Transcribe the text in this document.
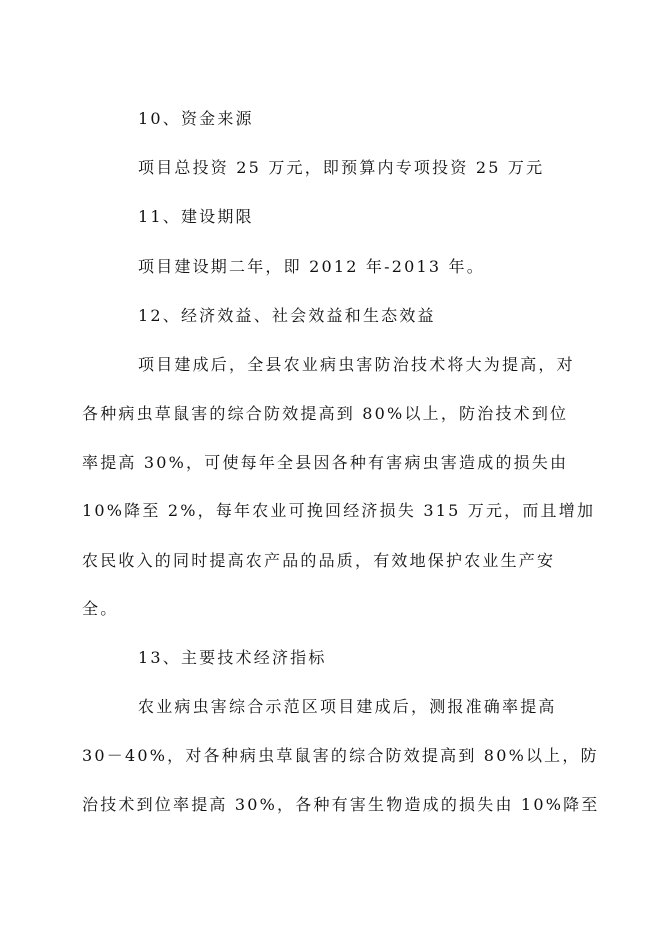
10、资金来源
项目总投资 25 万元，即预算内专项投资 25 万元
11、建设期限
项目建设期二年，即 2012 年-2013 年。
12、经济效益、社会效益和生态效益
项目建成后，全县农业病虫害防治技术将大为提高，对
各种病虫草鼠害的综合防效提高到 80%以上，防治技术到位
率提高 30%，可使每年全县因各种有害病虫害造成的损失由
10%降至 2%，每年农业可挽回经济损失 315 万元，而且增加
农民收入的同时提高农产品的品质，有效地保护农业生产安
全。
13、主要技术经济指标
农业病虫害综合示范区项目建成后，测报准确率提高
30－40%，对各种病虫草鼠害的综合防效提高到 80%以上，防
治技术到位率提高 30%，各种有害生物造成的损失由 10%降至
